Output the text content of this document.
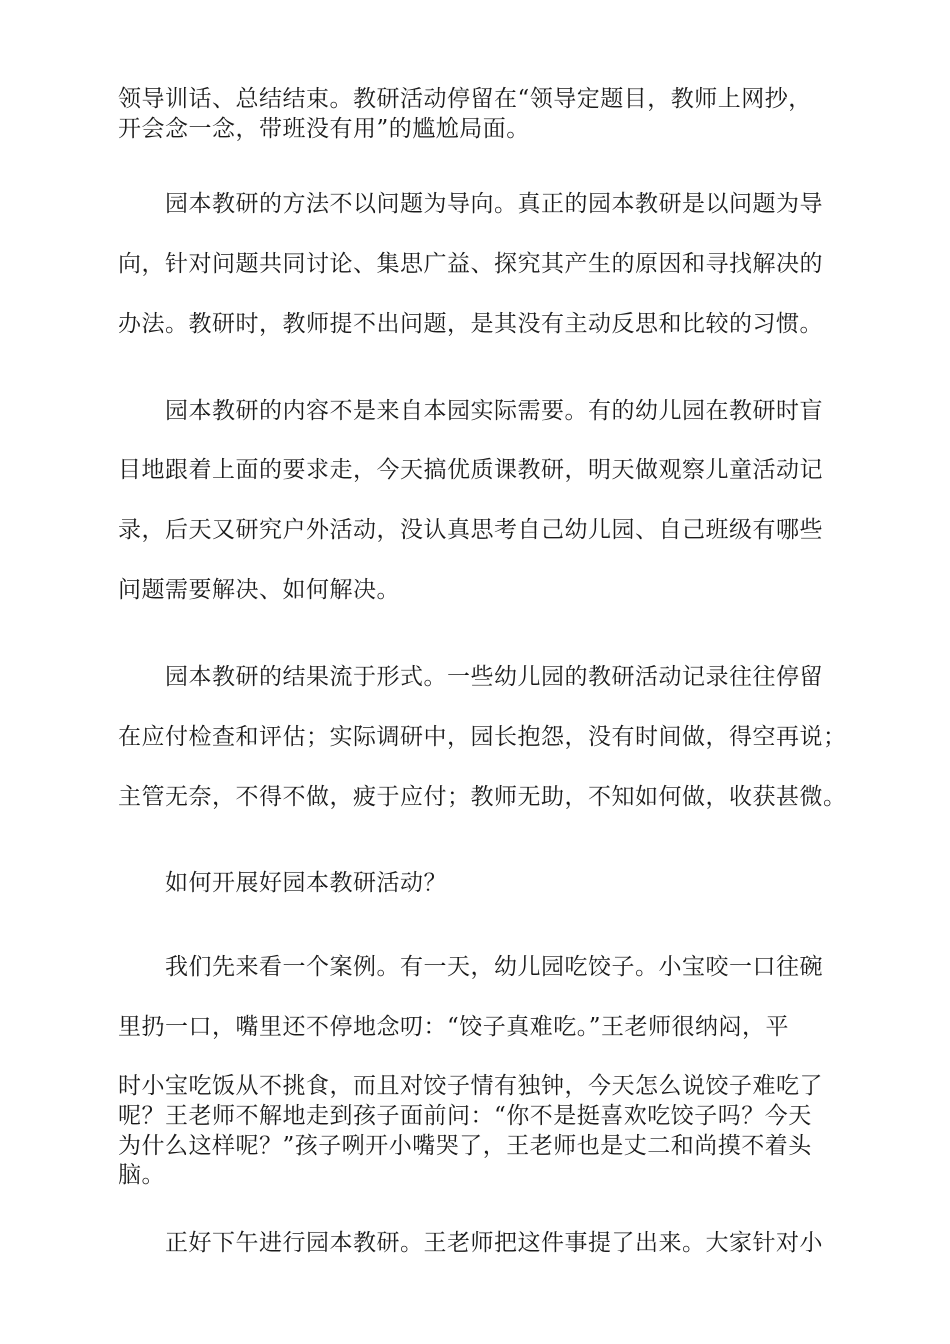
领导训话、总结结束。教研活动停留在“领导定题目，教师上网抄，
开会念一念，带班没有用”的尴尬局面。
园本教研的方法不以问题为导向。真正的园本教研是以问题为导
向，针对问题共同讨论、集思广益、探究其产生的原因和寻找解决的
办法。教研时，教师提不出问题，是其没有主动反思和比较的习惯。
园本教研的内容不是来自本园实际需要。有的幼儿园在教研时盲
目地跟着上面的要求走，今天搞优质课教研，明天做观察儿童活动记
录，后天又研究户外活动，没认真思考自己幼儿园、自己班级有哪些
问题需要解决、如何解决。
园本教研的结果流于形式。一些幼儿园的教研活动记录往往停留
在应付检查和评估；实际调研中，园长抱怨，没有时间做，得空再说；
主管无奈，不得不做，疲于应付；教师无助，不知如何做，收获甚微。
如何开展好园本教研活动？
我们先来看一个案例。有一天，幼儿园吃饺子。小宝咬一口往碗
里扔一口，嘴里还不停地念叨：“饺子真难吃。”王老师很纳闷，平
时小宝吃饭从不挑食，而且对饺子情有独钟，今天怎么说饺子难吃了
呢？王老师不解地走到孩子面前问：“你不是挺喜欢吃饺子吗？今天
为什么这样呢？”孩子咧开小嘴哭了，王老师也是丈二和尚摸不着头
脑。
正好下午进行园本教研。王老师把这件事提了出来。大家针对小
